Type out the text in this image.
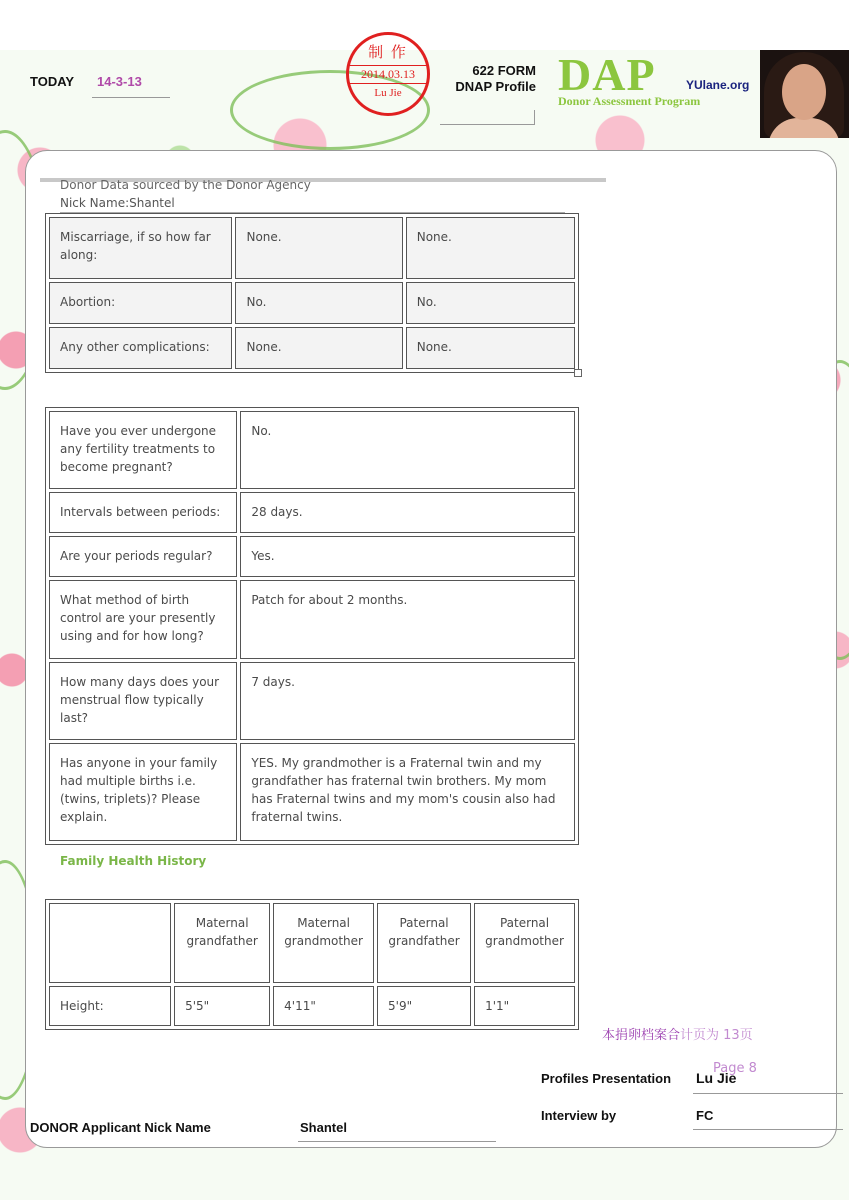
TODAY 14-3-13
制 作
2014.03.13
Lu Jie
622 FORM
DNAP Profile DAP	YUlane.org
Donor Assessment Program
Donor Data sourced by the Donor Agency
Nick Name:Shantel
Miscarriage, if so how far along:	None.	None.
Abortion:	No.	No.
Any other complications:	None.	None.
Have you ever undergone any fertility treatments to become pregnant?	No.
Intervals between periods:	28 days.
Are your periods regular?	Yes.
What method of birth control are your presently using and for how long?	Patch for about 2 months.
How many days does your menstrual flow typically last?	7 days.
Has anyone in your family had multiple births i.e. (twins, triplets)? Please explain.	YES. My grandmother is a Fraternal twin and my grandfather has fraternal twin brothers. My mom has Fraternal twins and my mom's cousin also had fraternal twins.
Family Health History
	Maternal grandfather	Maternal grandmother	Paternal grandfather	Paternal grandmother
Height:	5'5"	4'11"	5'9"	1'1"
本捐卵档案合计页为 13页
Page 8
Profiles Presentation Lu Jie
Interview by	FC
DONOR Applicant Nick Name	Shantel
